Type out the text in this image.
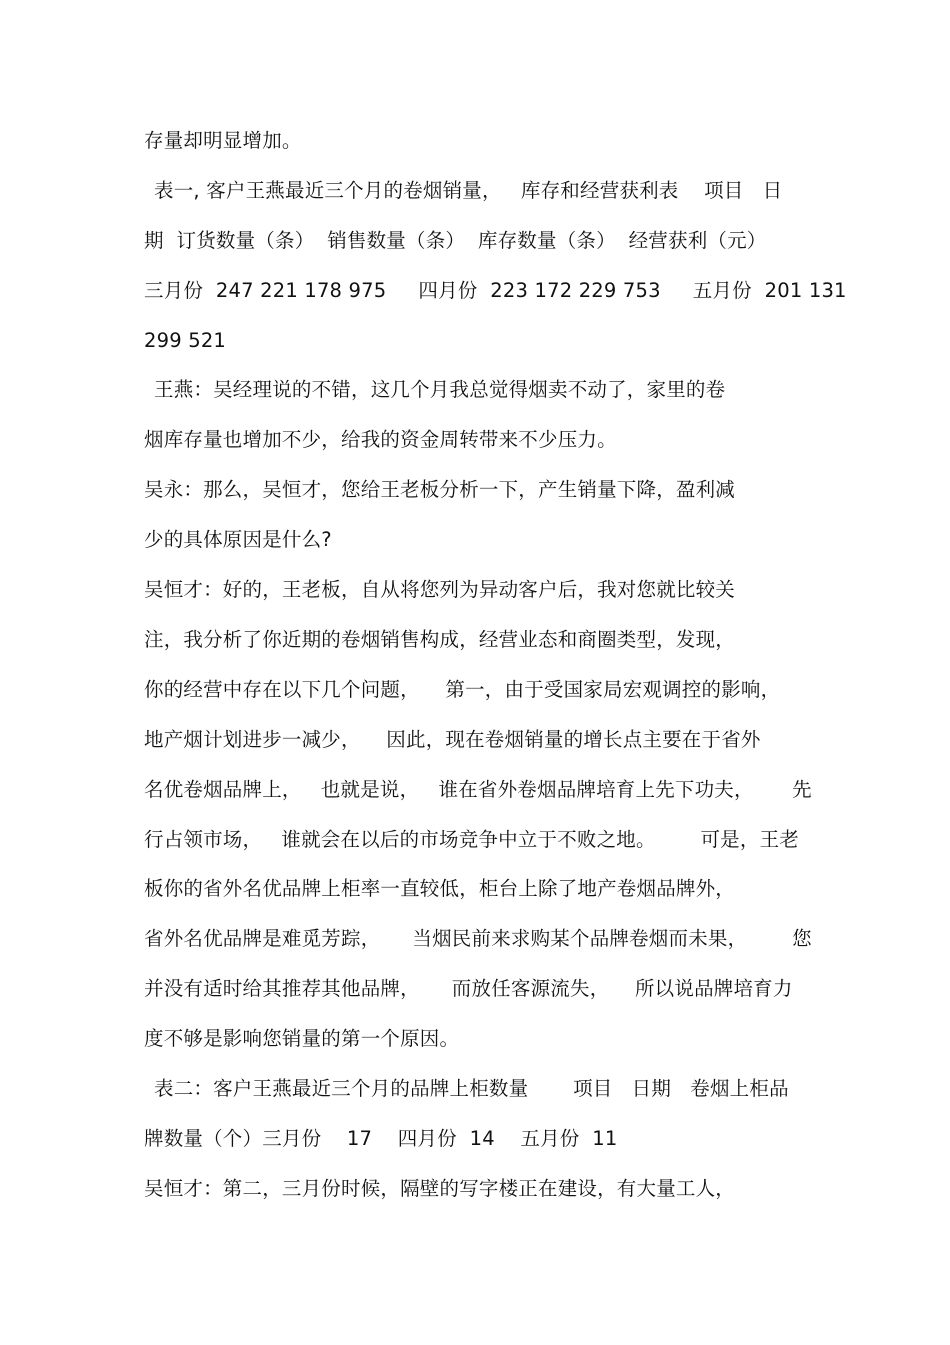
存量却明显增加。
表一, 客户王燕最近三个月的卷烟销量，   库存和经营获利表    项目   日
期  订货数量（条）  销售数量（条）  库存数量（条）  经营获利（元）
三月份  247 221 178 975     四月份  223 172 229 753     五月份  201 131
299 521
王燕：吴经理说的不错，这几个月我总觉得烟卖不动了，家里的卷
烟库存量也增加不少，给我的资金周转带来不少压力。
吴永：那么，吴恒才，您给王老板分析一下，产生销量下降，盈利减
少的具体原因是什么?
吴恒才：好的，王老板，自从将您列为异动客户后，我对您就比较关
注，我分析了你近期的卷烟销售构成，经营业态和商圈类型，发现，
你的经营中存在以下几个问题，    第一，由于受国家局宏观调控的影响，
地产烟计划进步一减少，    因此，现在卷烟销量的增长点主要在于省外
名优卷烟品牌上，   也就是说，   谁在省外卷烟品牌培育上先下功夫，      先
行占领市场，   谁就会在以后的市场竞争中立于不败之地。       可是，王老
板你的省外名优品牌上柜率一直较低，柜台上除了地产卷烟品牌外，
省外名优品牌是难觅芳踪，     当烟民前来求购某个品牌卷烟而未果，       您
并没有适时给其推荐其他品牌，     而放任客源流失，    所以说品牌培育力
度不够是影响您销量的第一个原因。
表二：客户王燕最近三个月的品牌上柜数量       项目   日期   卷烟上柜品
牌数量（个）三月份    17    四月份  14    五月份  11
吴恒才：第二，三月份时候，隔壁的写字楼正在建设，有大量工人，
